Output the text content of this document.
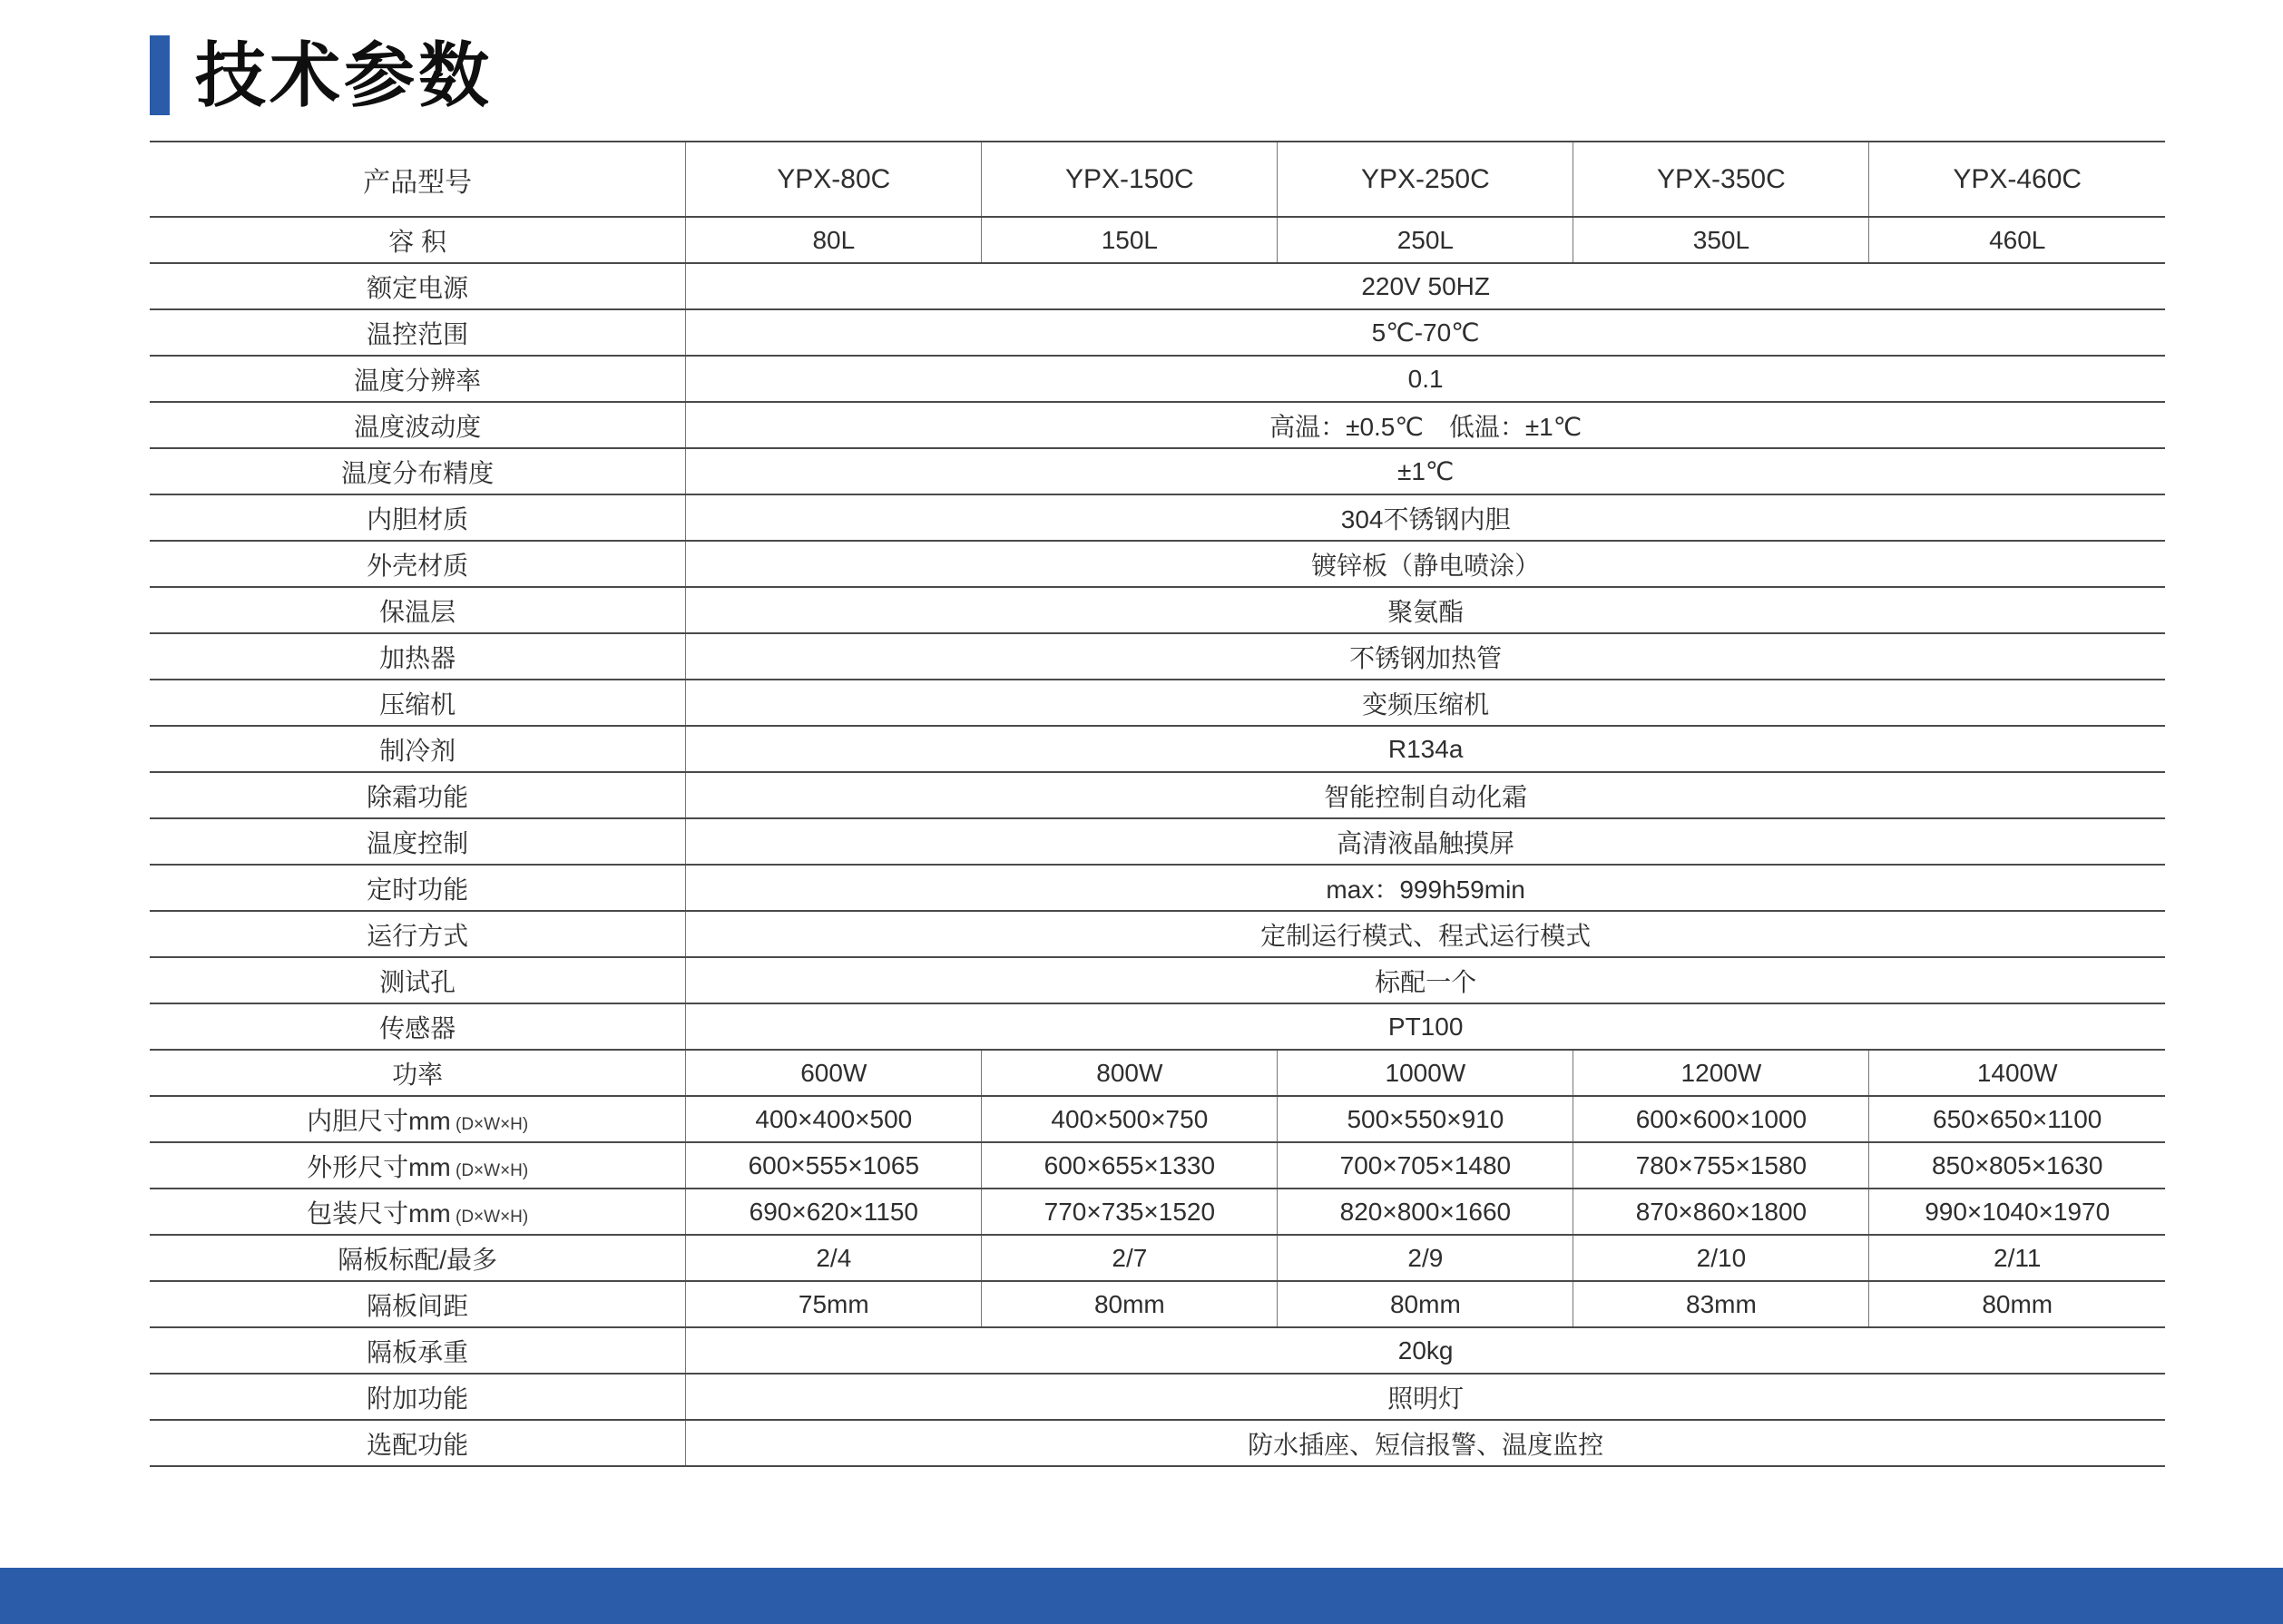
技术参数
产品型号	YPX-80C	YPX-150C	YPX-250C	YPX-350C	YPX-460C
容 积	80L	150L	250L	350L	460L
额定电源	220V 50HZ				
温控范围	5℃-70℃				
温度分辨率	0.1				
温度波动度	高温：±0.5℃　低温：±1℃				
温度分布精度	±1℃				
内胆材质	304不锈钢内胆				
外壳材质	镀锌板（静电喷涂）				
保温层	聚氨酯				
加热器	不锈钢加热管				
压缩机	变频压缩机				
制冷剂	R134a				
除霜功能	智能控制自动化霜				
温度控制	高清液晶触摸屏				
定时功能	max：999h59min				
运行方式	定制运行模式、程式运行模式				
测试孔	标配一个				
传感器	PT100				
功率	600W	800W	1000W	1200W	1400W
内胆尺寸mm (D×W×H)	400×400×500	400×500×750	500×550×910	600×600×1000	650×650×1100
外形尺寸mm (D×W×H)	600×555×1065	600×655×1330	700×705×1480	780×755×1580	850×805×1630
包装尺寸mm (D×W×H)	690×620×1150	770×735×1520	820×800×1660	870×860×1800	990×1040×1970
隔板标配/最多	2/4	2/7	2/9	2/10	2/11
隔板间距	75mm	80mm	80mm	83mm	80mm
隔板承重	20kg				
附加功能	照明灯				
选配功能	防水插座、短信报警、温度监控				
